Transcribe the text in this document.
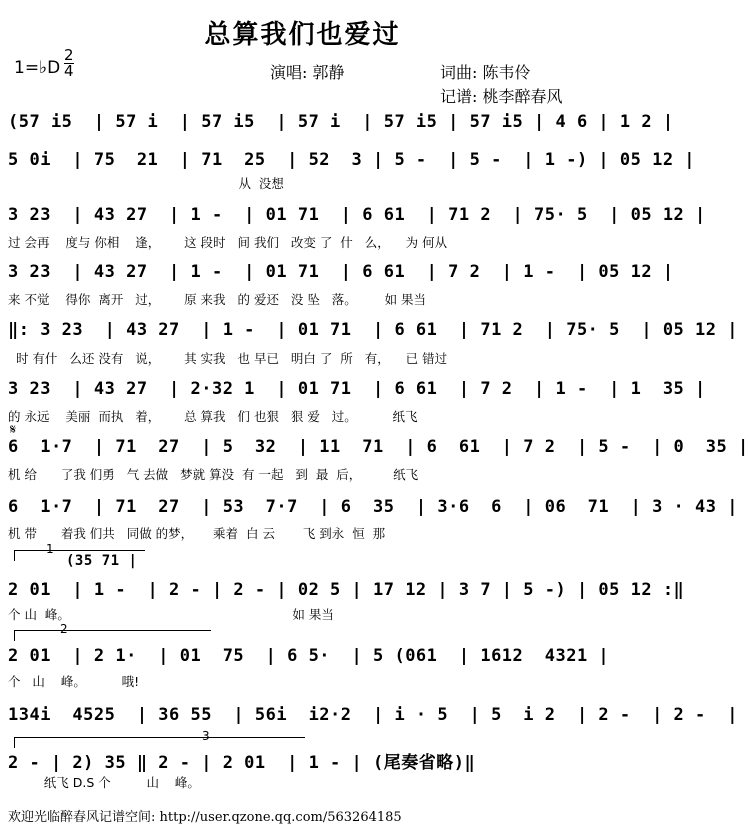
总算我们也爱过
1=♭D
2
4	演唱: 郭静	词曲: 陈韦伶
记谱: 桃李醉春风
(57 i5  | 57 i  | 57 i5  | 57 i  | 57 i5 | 57 i5 | 4 6 | 1 2 |
5 0i  | 75  21  | 71  25  | 52  3 | 5 -  | 5 -  | 1 -) | 05 12 |
从  没想
3 23  | 43 27  | 1 -  | 01 71  | 6 61  | 71 2  | 75· 5  | 05 12 |
过 会再    度与 你相    逢，      这 段时   间 我们   改变 了  什   么，    为 何从
3 23  | 43 27  | 1 -  | 01 71  | 6 61  | 7 2  | 1 -  | 05 12 |
来 不觉    得你  离开   过，      原 来我   的 爱还   没 坠   落。       如 果当
‖: 3 23  | 43 27  | 1 -  | 01 71  | 6 61  | 71 2  | 75· 5  | 05 12 |
时 有什   么还 没有   说，      其 实我   也 早已   明白 了  所   有，    已 错过
3 23  | 43 27  | 2·32 1  | 01 71  | 6 61  | 7 2  | 1 -  | 1  35 |
的 永远    美丽  而执   着，      总 算我   们 也狠   狠 爱   过。         纸飞
𝄋
6  1·7  | 71  27  | 5  32  | 11  71  | 6  61  | 7 2  | 5 -  | 0  35 |
机 给      了我 们勇   气 去做   梦就 算没  有 一起   到  最  后，        纸飞
6  1·7  | 71  27  | 53  7·7  | 6  35  | 3·6  6  | 06  71  | 3 · 43 |
机 带      着我 们共   同做 的梦，     乘着  白 云       飞 到永  恒  那
1
(35 71 |
2 01  | 1 -  | 2 - | 2 - | 02 5 | 17 12 | 3 7 | 5 -) | 05 12 :‖
个 山  峰。                                                        如 果当
2
2 01  | 2 1·  | 01  75  | 6 5·  | 5 (061  | 1612  4321 |
个   山    峰。         哦!
134i  4525  | 36 55  | 56i  i2·2  | i · 5  | 5  i 2  | 2 -  | 2 -  |
3
2 - | 2) 35 ‖ 2 - | 2 01  | 1 - | (尾奏省略)‖
纸飞 D.S 个         山    峰。
欢迎光临醉春风记谱空间: http://user.qzone.qq.com/563264185
